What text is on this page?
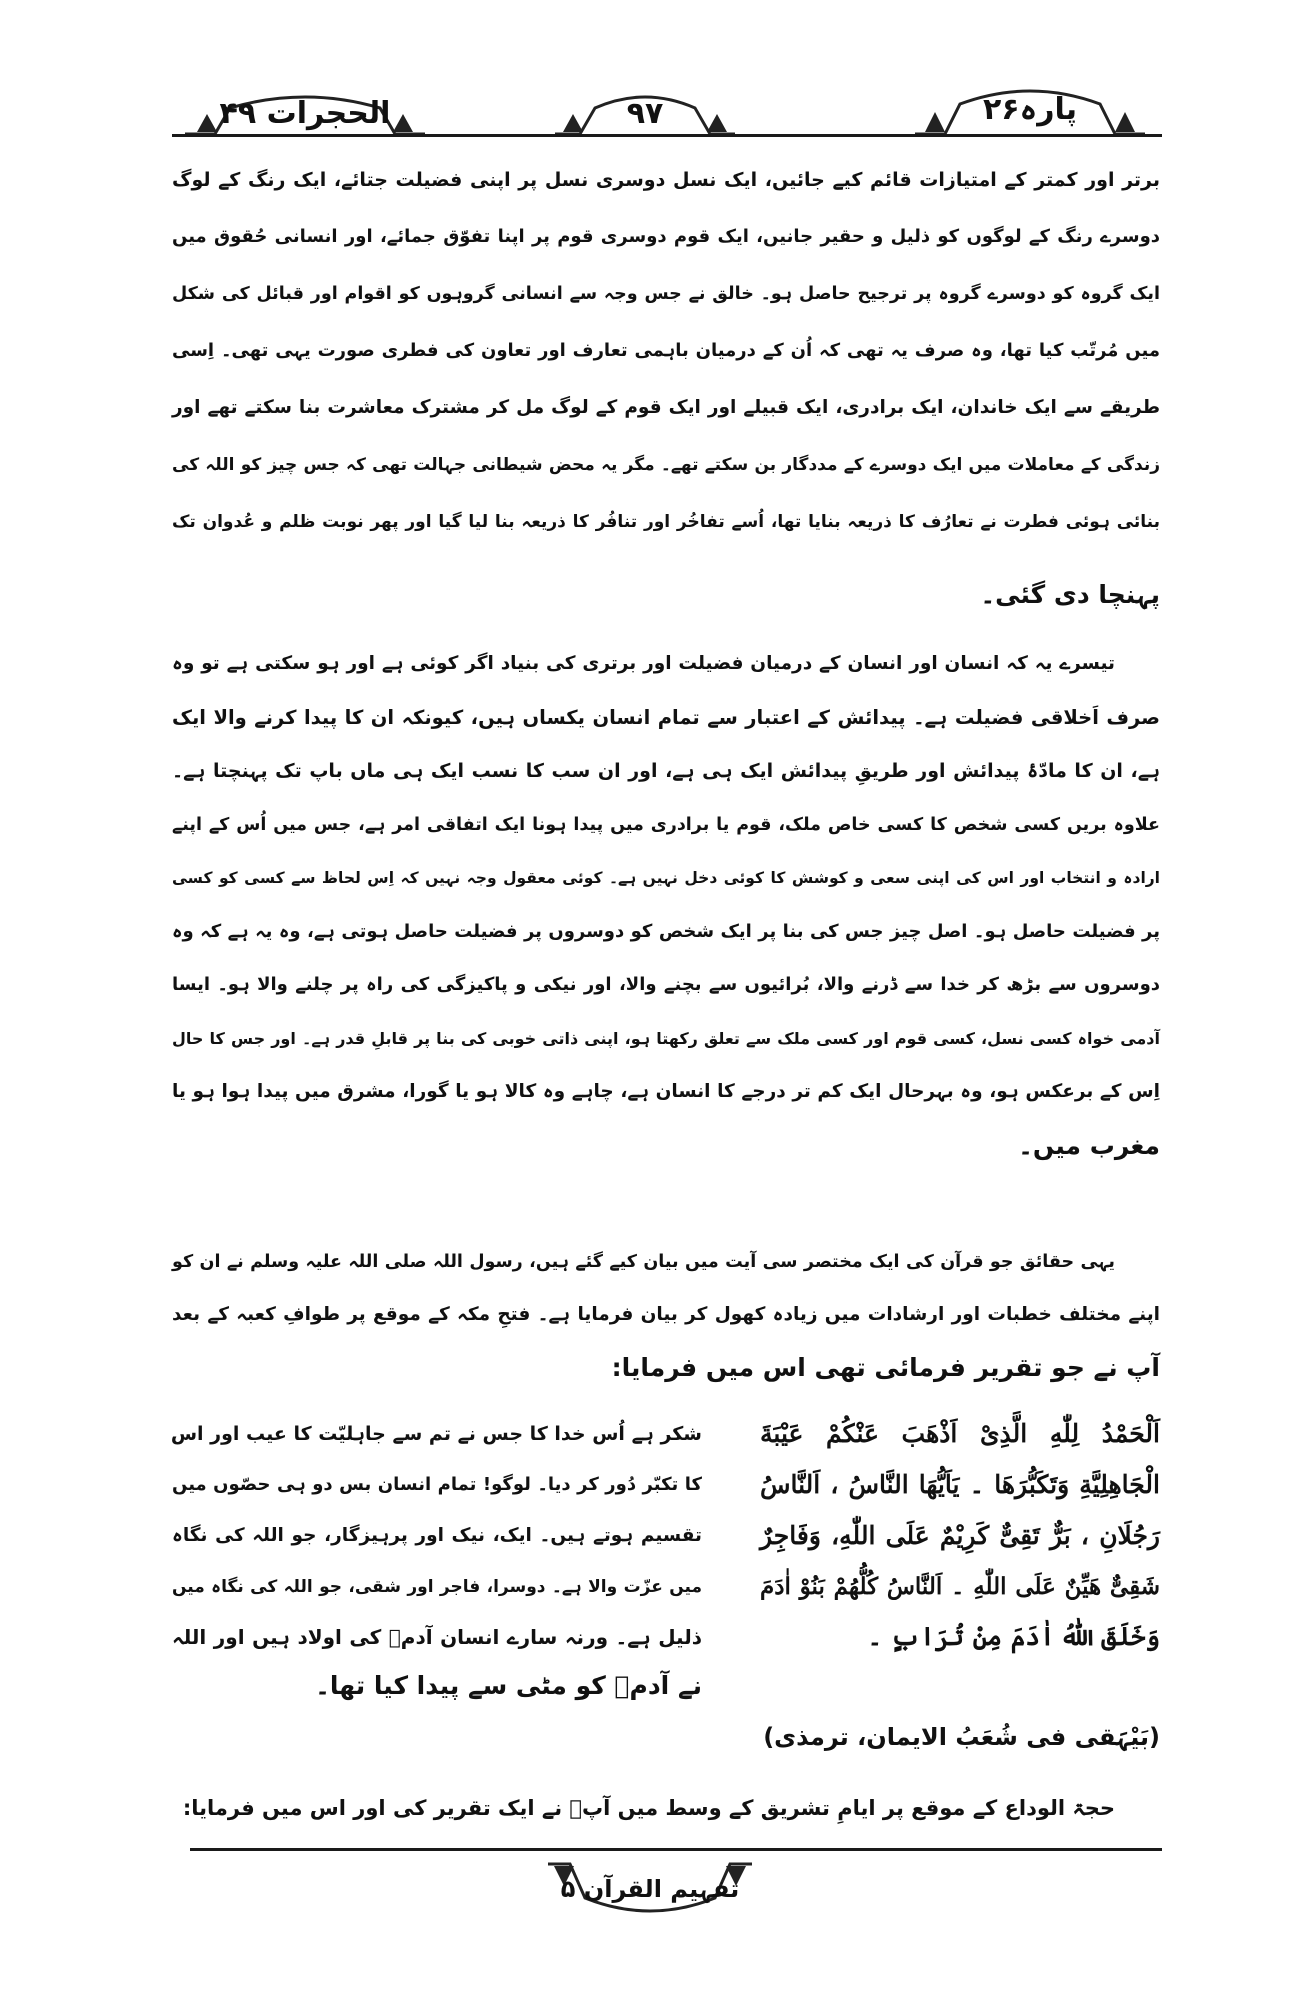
الحجرات ۴۹	۹۷	پارہ۲۶
برتر اور کمتر کے امتیازات قائم کیے جائیں، ایک نسل دوسری نسل پر اپنی فضیلت جتائے، ایک رنگ کے لوگ
دوسرے رنگ کے لوگوں کو ذلیل و حقیر جانیں، ایک قوم دوسری قوم پر اپنا تفوّق جمائے، اور انسانی حُقوق میں
ایک گروہ کو دوسرے گروہ پر ترجیح حاصل ہو۔ خالق نے جس وجہ سے انسانی گروہوں کو اقوام اور قبائل کی شکل
میں مُرتّب کیا تھا، وہ صرف یہ تھی کہ اُن کے درمیان باہمی تعارف اور تعاون کی فطری صورت یہی تھی۔ اِسی
طریقے سے ایک خاندان، ایک برادری، ایک قبیلے اور ایک قوم کے لوگ مل کر مشترک معاشرت بنا سکتے تھے اور
زندگی کے معاملات میں ایک دوسرے کے مددگار بن سکتے تھے۔ مگر یہ محض شیطانی جہالت تھی کہ جس چیز کو اللہ کی
بنائی ہوئی فطرت نے تعارُف کا ذریعہ بنایا تھا، اُسے تفاخُر اور تنافُر کا ذریعہ بنا لیا گیا اور پھر نوبت ظلم و عُدوان تک
پہنچا دی گئی۔
تیسرے یہ کہ انسان اور انسان کے درمیان فضیلت اور برتری کی بنیاد اگر کوئی ہے اور ہو سکتی ہے تو وہ
صرف اَخلاقی فضیلت ہے۔ پیدائش کے اعتبار سے تمام انسان یکساں ہیں، کیونکہ ان کا پیدا کرنے والا ایک
ہے، ان کا مادّۂ پیدائش اور طریقِ پیدائش ایک ہی ہے، اور ان سب کا نسب ایک ہی ماں باپ تک پہنچتا ہے۔
علاوہ بریں کسی شخص کا کسی خاص ملک، قوم یا برادری میں پیدا ہونا ایک اتفاقی امر ہے، جس میں اُس کے اپنے
ارادہ و انتخاب اور اس کی اپنی سعی و کوشش کا کوئی دخل نہیں ہے۔ کوئی معقول وجہ نہیں کہ اِس لحاظ سے کسی کو کسی
پر فضیلت حاصل ہو۔ اصل چیز جس کی بنا پر ایک شخص کو دوسروں پر فضیلت حاصل ہوتی ہے، وہ یہ ہے کہ وہ
دوسروں سے بڑھ کر خدا سے ڈرنے والا، بُرائیوں سے بچنے والا، اور نیکی و پاکیزگی کی راہ پر چلنے والا ہو۔ ایسا
آدمی خواہ کسی نسل، کسی قوم اور کسی ملک سے تعلق رکھتا ہو، اپنی ذاتی خوبی کی بنا پر قابلِ قدر ہے۔ اور جس کا حال
اِس کے برعکس ہو، وہ بہرحال ایک کم تر درجے کا انسان ہے، چاہے وہ کالا ہو یا گورا، مشرق میں پیدا ہوا ہو یا
مغرب میں۔
یہی حقائق جو قرآن کی ایک مختصر سی آیت میں بیان کیے گئے ہیں، رسول اللہ صلی اللہ علیہ وسلم نے ان کو
اپنے مختلف خطبات اور ارشادات میں زیادہ کھول کر بیان فرمایا ہے۔ فتحِ مکہ کے موقع پر طوافِ کعبہ کے بعد
آپ نے جو تقریر فرمائی تھی اس میں فرمایا:
اَلْحَمْدُ لِلّٰهِ الَّذِیْ اَذْهَبَ عَنْکُمْ عَیْبَةَ
الْجَاهِلِیَّةِ وَتَکَبُّرَهَا ۔ یَاَیُّهَا النَّاسُ ، اَلنَّاسُ
رَجُلَانِ ، بَرٌّ تَقِیٌّ کَرِیْمٌ عَلَی اللّٰهِ، وَفَاجِرٌ
شَقِیٌّ هَیِّنٌ عَلَی اللّٰهِ ۔ اَلنَّاسُ کُلُّهُمْ بَنُوْ اٰدَمَ
وَخَلَقَ اللّٰهُ اٰدَمَ مِنْ تُرَابٍ ۔
(بَیْہَقی فی شُعَبُ الایمان، ترمذی)
شکر ہے اُس خدا کا جس نے تم سے جاہلیّت کا عیب اور اس
کا تکبّر دُور کر دیا۔ لوگو! تمام انسان بس دو ہی حصّوں میں
تقسیم ہوتے ہیں۔ ایک، نیک اور پرہیزگار، جو اللہ کی نگاہ
میں عزّت والا ہے۔ دوسرا، فاجر اور شقی، جو اللہ کی نگاہ میں
ذلیل ہے۔ ورنہ سارے انسان آدمؑ کی اولاد ہیں اور اللہ
نے آدمؑ کو مٹی سے پیدا کیا تھا۔
حجۃ الوداع کے موقع پر ایامِ تشریق کے وسط میں آپؐ نے ایک تقریر کی اور اس میں فرمایا:
تفہیم القرآن ۵
